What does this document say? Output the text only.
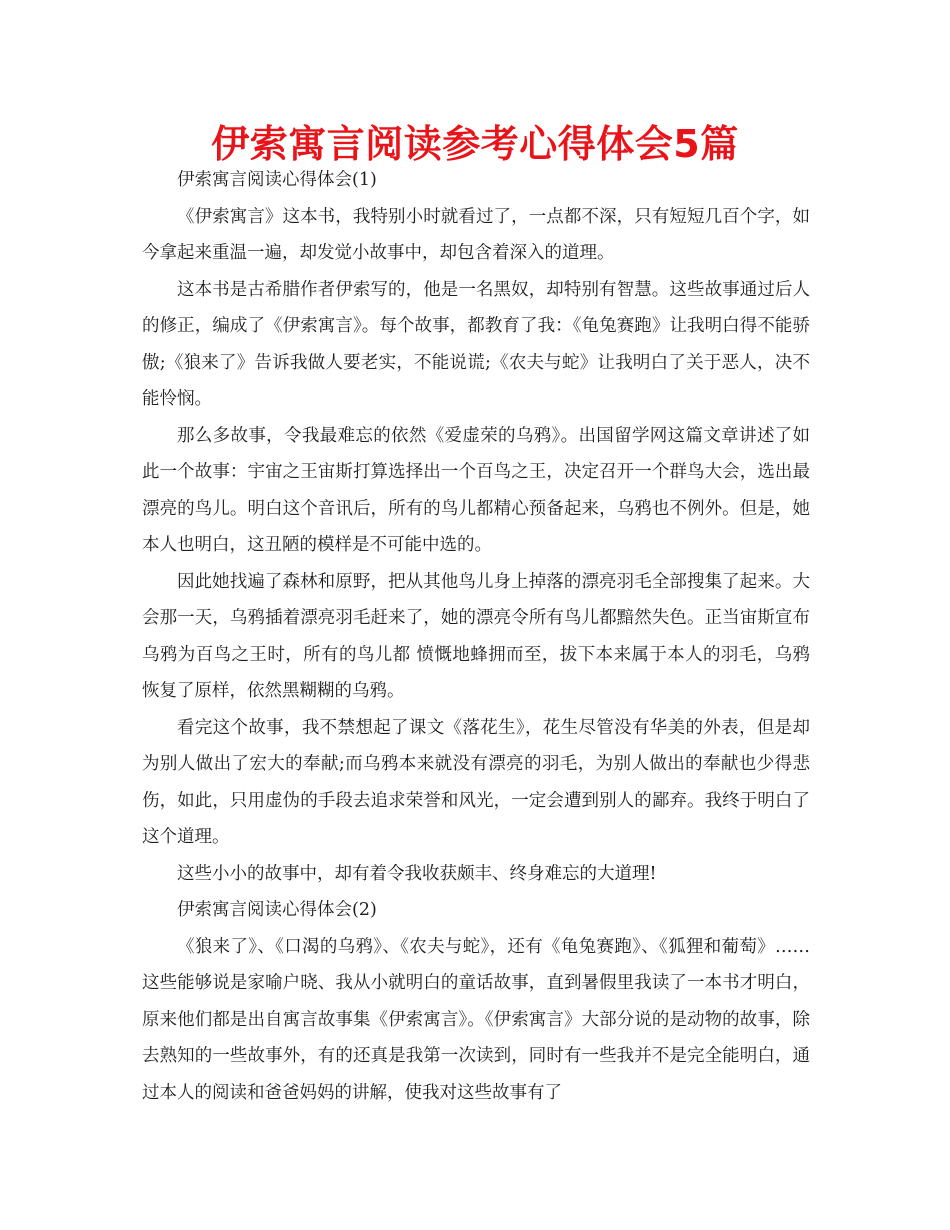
伊索寓言阅读参考心得体会5篇

伊索寓言阅读心得体会(1)

《伊索寓言》这本书，我特别小时就看过了，一点都不深，只有短短几百个字，如今拿起来重温一遍，却发觉小故事中，却包含着深入的道理。

这本书是古希腊作者伊索写的，他是一名黑奴，却特别有智慧。这些故事通过后人的修正，编成了《伊索寓言》。每个故事，都教育了我：《龟兔赛跑》让我明白得不能骄傲;《狼来了》告诉我做人要老实，不能说谎;《农夫与蛇》让我明白了关于恶人，决不能怜悯。

那么多故事，令我最难忘的依然《爱虚荣的乌鸦》。出国留学网这篇文章讲述了如此一个故事：宇宙之王宙斯打算选择出一个百鸟之王，决定召开一个群鸟大会，选出最漂亮的鸟儿。明白这个音讯后，所有的鸟儿都精心预备起来，乌鸦也不例外。但是，她本人也明白，这丑陋的模样是不可能中选的。

因此她找遍了森林和原野，把从其他鸟儿身上掉落的漂亮羽毛全部搜集了起来。大会那一天，乌鸦插着漂亮羽毛赶来了，她的漂亮令所有鸟儿都黯然失色。正当宙斯宣布乌鸦为百鸟之王时，所有的鸟儿都 愤慨地蜂拥而至，拔下本来属于本人的羽毛，乌鸦恢复了原样，依然黑糊糊的乌鸦。

看完这个故事，我不禁想起了课文《落花生》，花生尽管没有华美的外表，但是却为别人做出了宏大的奉献;而乌鸦本来就没有漂亮的羽毛，为别人做出的奉献也少得悲伤，如此，只用虚伪的手段去追求荣誉和风光，一定会遭到别人的鄙弃。我终于明白了这个道理。

这些小小的故事中，却有着令我收获颇丰、终身难忘的大道理!

伊索寓言阅读心得体会(2)

《狼来了》、《口渴的乌鸦》、《农夫与蛇》，还有《龟兔赛跑》、《狐狸和葡萄》……这些能够说是家喻户晓、我从小就明白的童话故事，直到暑假里我读了一本书才明白，原来他们都是出自寓言故事集《伊索寓言》。《伊索寓言》大部分说的是动物的故事，除去熟知的一些故事外，有的还真是我第一次读到，同时有一些我并不是完全能明白，通过本人的阅读和爸爸妈妈的讲解，使我对这些故事有了
